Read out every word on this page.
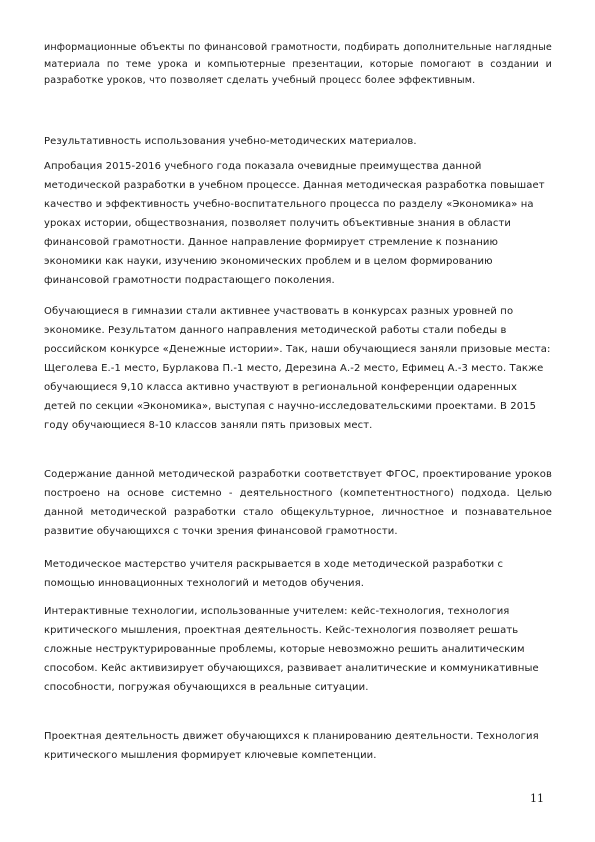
информационные объекты по финансовой грамотности, подбирать дополнительные наглядные материала по теме урока и компьютерные презентации, которые помогают в создании и разработке уроков, что позволяет сделать учебный процесс более эффективным.

Результативность использования учебно-методических материалов.

Апробация 2015-2016 учебного года показала очевидные преимущества данной методической разработки в учебном процессе. Данная методическая разработка повышает качество и эффективность учебно-воспитательного процесса по разделу «Экономика» на уроках истории, обществознания, позволяет получить объективные знания в области финансовой грамотности. Данное направление формирует стремление к познанию экономики как науки, изучению экономических проблем и в целом формированию финансовой грамотности подрастающего поколения.

Обучающиеся в гимназии стали активнее участвовать в конкурсах разных уровней по экономике. Результатом данного направления методической работы стали победы в российском конкурсе «Денежные истории». Так, наши обучающиеся заняли призовые места: Щеголева Е.-1 место, Бурлакова П.-1 место, Дерезина А.-2 место, Ефимец А.-3 место. Также обучающиеся 9,10 класса активно участвуют в региональной конференции одаренных детей по секции «Экономика», выступая с научно-исследовательскими проектами. В 2015 году обучающиеся 8-10 классов заняли пять призовых мест.

Содержание данной методической разработки соответствует ФГОС, проектирование уроков построено на основе системно - деятельностного (компетентностного) подхода. Целью данной методической разработки стало общекультурное, личностное и познавательное развитие обучающихся с точки зрения финансовой грамотности.

Методическое мастерство учителя раскрывается в ходе методической разработки с помощью инновационных технологий и методов обучения.

Интерактивные технологии, использованные учителем: кейс-технология, технология критического мышления, проектная деятельность. Кейс-технология позволяет решать сложные неструктурированные проблемы, которые невозможно решить аналитическим способом. Кейс активизирует обучающихся, развивает аналитические и коммуникативные способности, погружая обучающихся в реальные ситуации.

Проектная деятельность движет обучающихся к планированию деятельности. Технология критического мышления формирует ключевые компетенции.

11
